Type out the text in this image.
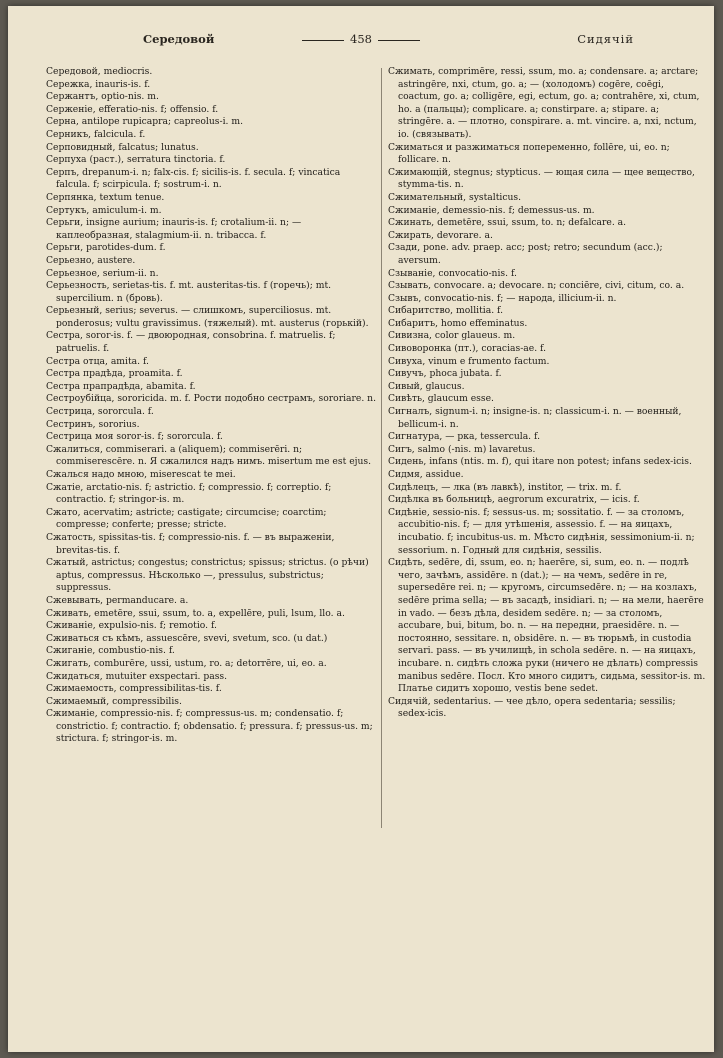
Середовой	458	Сидячій

Середовой, mediocris.

Сережка, inauris-is. f.

Сержантъ, optio-nis. m.

Серженіе, efferatio-nis. f; offensio. f.

Серна, antilope rupicapra; capreolus-i. m.

Серникъ, falcicula. f.

Серповидный, falcatus; lunatus.

Серпуха (раст.), serratura tinctoria. f.

Серпъ, drepanum-i. n; falx-cis. f; sicilis-is. f. secula. f; vincatica falcula. f; scirpicula. f; sostrum-i. n.

Серпянка, textum tenue.

Сертукъ, amiculum-i. m.

Серьги, insigne aurium; inauris-is. f; crotalium-ii. n; — каплеобразная, stalagmium-ii. n. tribacca. f.

Серьги, parotides-dum. f.

Серьезно, austere.

Серьезное, serium-ii. n.

Серьезность, serietas-tis. f. mt. austeritas-tis. f (горечь); mt. supercilium. n (бровь).

Серьезный, serius; severus. — слишкомъ, superciliosus. mt. ponderosus; vultu gravissimus. (тяжелый). mt. austerus (горькій).

Сестра, soror-is. f. — двоюродная, consobrina. f. matruelis. f; patruelis. f.

Сестра отца, amita. f.

Сестра прадѣда, proamita. f.

Сестра прапрадѣда, abamita. f.

Сестроубійца, sororicida. m. f. Рости подобно сестрамъ, sororiare. n.

Сестрица, sororcula. f.

Сестринъ, sororius.

Сестрица моя soror-is. f; sororcula. f.

Сжалиться, commiserari. a (aliquem); commiserēri. n; commiserescēre. n. Я сжалился надъ нимъ. misertum me est ejus.

Сжалься надо мною, miserescat te mei.

Сжатіе, arctatio-nis. f; astrictio. f; compressio. f; correptio. f; contractio. f; stringor-is. m.

Сжато, acervatim; astricte; castigate; circumcise; coarctim; compresse; conferte; presse; stricte.

Сжатость, spissitas-tis. f; compressio-nis. f. — въ выраженіи, brevitas-tis. f.

Сжатый, astrictus; congestus; constrictus; spissus; strictus. (о рѣчи) aptus, compressus. Нѣсколько —, pressulus, substrictus; suppressus.

Сжевывать, permanducare. a.

Сживать, emetēre, ssui, ssum, to. a, expellēre, puli, lsum, llo. a.

Сживаніе, expulsio-nis. f; remotio. f.

Сживаться съ кѣмъ, assuescēre, svevi, svetum, sco. (u dat.)

Сжиганіе, combustio-nis. f.

Сжигать, comburēre, ussi, ustum, ro. a; detorrēre, ui, eo. a.

Сжидаться, mutuiter exspectari. pass.

Сжимаемость, compressibilitas-tis. f.

Сжимаемый, compressibilis.

Сжиманіе, compressio-nis. f; compressus-us. m; condensatio. f; constrictio. f; contractio. f; obdensatio. f; pressura. f; pressus-us. m; strictura. f; stringor-is. m.

Сжимать, comprimēre, ressi, ssum, mo. a; condensare. a; arctare; astringēre, nxi, ctum, go. a; — (холодомъ) cogēre, coēgi, coactum, go. a; colligēre, egi, ectum, go. a; contrahēre, xi, ctum, ho. a (пальцы); complicare. a; constirpare. a; stipare. a; stringēre. a. — плотно, conspirare. a. mt. vincire. a, nxi, nctum, io. (связывать).

Сжиматься и разжиматься попеременно, follēre, ui, eo. n; follicare. n.

Сжимающій, stegnus; stypticus. — ющая сила — щее вещество, stymma-tis. n.

Сжимательный, systalticus.

Сжиманіе, demessio-nis. f; demessus-us. m.

Сжинать, demetēre, ssui, ssum, to. n; defalcare. a.

Сжирать, devorare. a.

Сзади, pone. adv. praep. acc; post; retro; secundum (acc.); aversum.

Сзываніе, convocatio-nis. f.

Сзывать, convocare. a; devocare. n; conciēre, civi, citum, co. a.

Сзывъ, convocatio-nis. f; — народа, illicium-ii. n.

Сибаритство, mollitia. f.

Сибаритъ, homo effeminatus.

Сивизна, color glaueus. m.

Сивоворонка (пт.), coracias-ae. f.

Сивуха, vinum e frumento factum.

Сивучъ, phoca jubata. f.

Сивый, glaucus.

Сивѣть, glaucum esse.

Сигналъ, signum-i. n; insigne-is. n; classicum-i. n. — военный, bellicum-i. n.

Сигнатура, — рка, tessercula. f.

Сигъ, salmo (-nis. m) lavaretus.

Сидень, infans (ntis. m. f), qui itare non potest; infans sedex-icis.

Сидмя, assidue.

Сидѣлецъ, — лка (въ лавкѣ), institor, — trix. m. f.

Сидѣлка въ больницѣ, aegrorum excuratrix, — icis. f.

Сидѣніе, sessio-nis. f; sessus-us. m; sossitatio. f. — за столомъ, accubitio-nis. f; — для утѣшенія, assessio. f. — на яицахъ, incubatio. f; incubitus-us. m. Мѣсто сидѣнія, sessimonium-ii. n; sessorium. n. Годный для сидѣнія, sessilis.

Сидѣть, sedēre, di, ssum, eo. n; haerēre, si, sum, eo. n. — подлѣ чего, зачѣмъ, assidēre. n (dat.); — на чемъ, sedēre in re, supersedēre rei. n; — кругомъ, circumsedēre. n; — на козлахъ, sedēre prima sella; — въ засадѣ, insidiari. n; — на мели, haerēre in vado. — безъ дѣла, desidem sedēre. n; — за столомъ, accubare, bui, bitum, bo. n. — на передни, praesidēre. n. — постоянно, sessitare. n, obsidēre. n. — въ тюрьмѣ, in custodia servari. pass. — въ училищѣ, in schola sedēre. n. — на яицахъ, incubare. n. сидѣть сложа руки (ничего не дѣлать) compressis manibus sedēre. Посл. Кто много сидитъ, сидьма, sessitor-is. m. Платье сидитъ хорошо, vestis bene sedet.

Сидячій, sedentarius. — чее дѣло, opera sedentaria; sessilis; sedex-icis.
